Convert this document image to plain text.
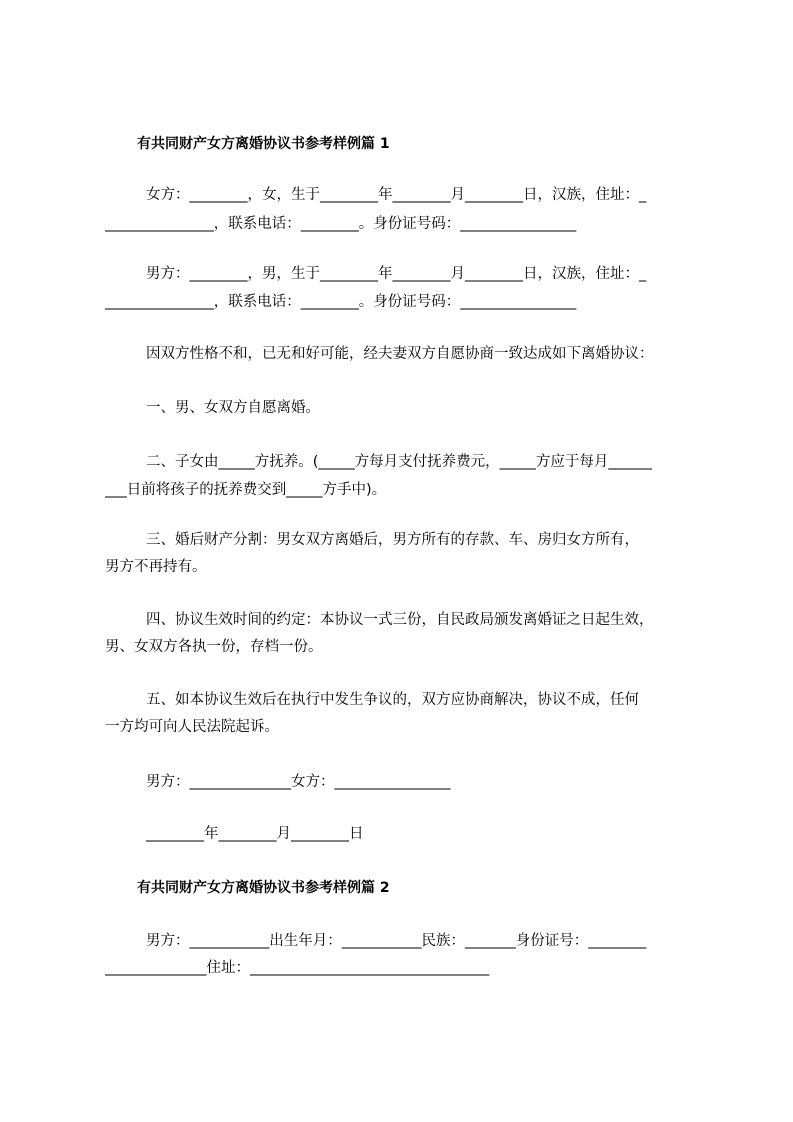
有共同财产女方离婚协议书参考样例篇 1
女方：________，女，生于________年________月________日，汉族，住址：_
_______________，联系电话：________。身份证号码：________________
男方：________，男，生于________年________月________日，汉族，住址：_
_______________，联系电话：________。身份证号码：________________
因双方性格不和，已无和好可能，经夫妻双方自愿协商一致达成如下离婚协议：
一、男、女双方自愿离婚。
二、子女由_____方抚养。(_____方每月支付抚养费元，_____方应于每月______
___日前将孩子的抚养费交到_____方手中)。
三、婚后财产分割：男女双方离婚后，男方所有的存款、车、房归女方所有，
男方不再持有。
四、协议生效时间的约定：本协议一式三份，自民政局颁发离婚证之日起生效，
男、女双方各执一份，存档一份。
五、如本协议生效后在执行中发生争议的，双方应协商解决，协议不成，任何
一方均可向人民法院起诉。
男方：______________女方：________________
________年________月________日
有共同财产女方离婚协议书参考样例篇 2
男方：___________出生年月：___________民族：_______身份证号：________
______________住址：_________________________________
